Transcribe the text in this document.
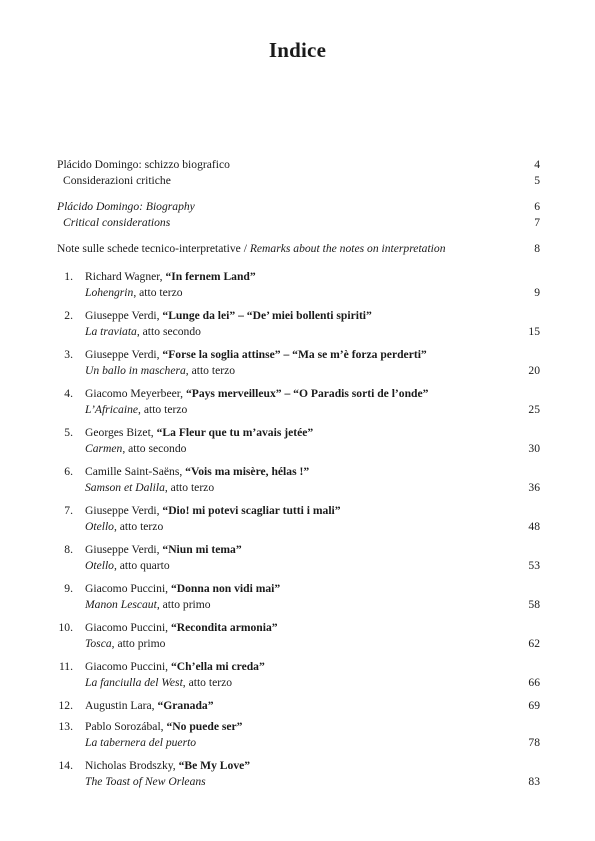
Indice
Plácido Domingo: schizzo biografico	4
Considerazioni critiche	5
Plácido Domingo: Biography	6
Critical considerations	7
Note sulle schede tecnico-interpretative / Remarks about the notes on interpretation	8
1. Richard Wagner, “In fernem Land”
Lohengrin, atto terzo	9
2. Giuseppe Verdi, “Lunge da lei” – “De’ miei bollenti spiriti”
La traviata, atto secondo	15
3. Giuseppe Verdi, “Forse la soglia attinse” – “Ma se m’è forza perderti”
Un ballo in maschera, atto terzo	20
4. Giacomo Meyerbeer, “Pays merveilleux” – “O Paradis sorti de l’onde”
L’Africaine, atto terzo	25
5. Georges Bizet, “La Fleur que tu m’avais jetée”
Carmen, atto secondo	30
6. Camille Saint-Saëns, “Vois ma misère, hélas !”
Samson et Dalila, atto terzo	36
7. Giuseppe Verdi, “Dio! mi potevi scagliar tutti i mali”
Otello, atto terzo	48
8. Giuseppe Verdi, “Niun mi tema”
Otello, atto quarto	53
9. Giacomo Puccini, “Donna non vidi mai”
Manon Lescaut, atto primo	58
10. Giacomo Puccini, “Recondita armonia”
Tosca, atto primo	62
11. Giacomo Puccini, “Ch’ella mi creda”
La fanciulla del West, atto terzo	66
12. Augustin Lara, “Granada”	69
13. Pablo Sorozábal, “No puede ser”
La tabernera del puerto	78
14. Nicholas Brodszky, “Be My Love”
The Toast of New Orleans	83
